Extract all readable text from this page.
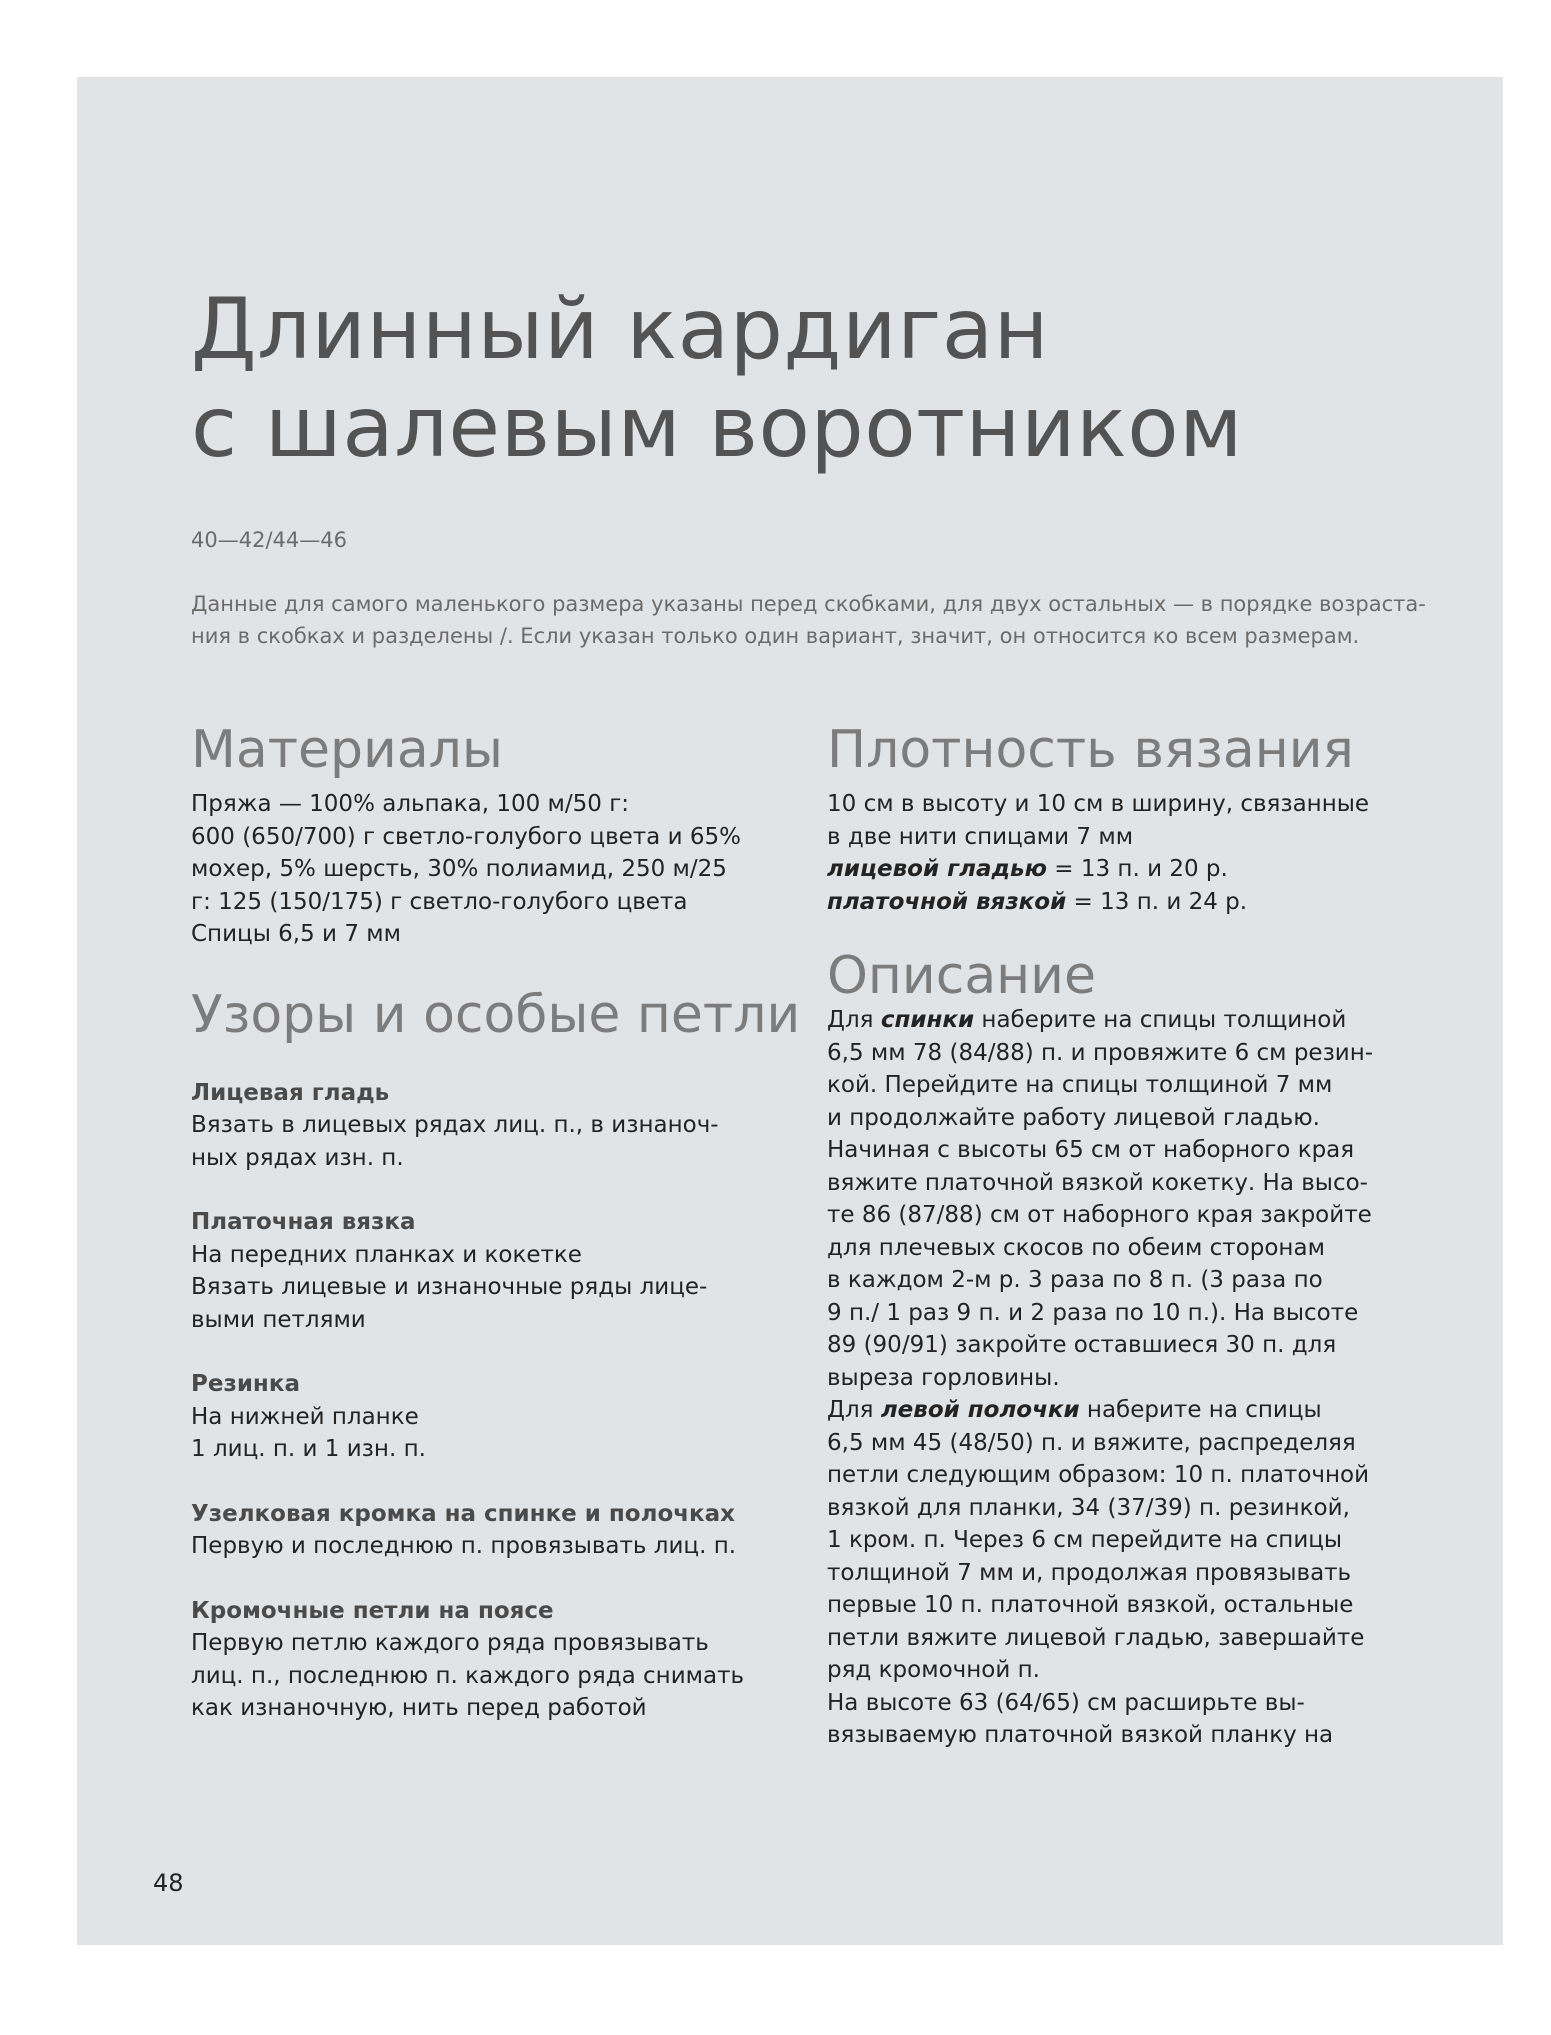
Длинный кардиган
с шалевым воротником
40—42/44—46

Данные для самого маленького размера указаны перед скобками, для двух остальных — в порядке возраста-
ния в скобках и разделены /. Если указан только один вариант, значит, он относится ко всем размерам.

Материалы
Пряжа — 100% альпака, 100 м/50 г:
600 (650/700) г светло-голубого цвета и 65%
мохер, 5% шерсть, 30% полиамид, 250 м/25
г: 125 (150/175) г светло-голубого цвета
Спицы 6,5 и 7 мм
Узоры и особые петли
Лицевая гладь
Вязать в лицевых рядах лиц. п., в изнаноч-
ных рядах изн. п.
Платочная вязка
На передних планках и кокетке
Вязать лицевые и изнаночные ряды лице-
выми петлями
Резинка
На нижней планке
1 лиц. п. и 1 изн. п.
Узелковая кромка на спинке и полочках
Первую и последнюю п. провязывать лиц. п.
Кромочные петли на поясе
Первую петлю каждого ряда провязывать
лиц. п., последнюю п. каждого ряда снимать
как изнаночную, нить перед работой
Плотность вязания
10 см в высоту и 10 см в ширину, связанные
в две нити спицами 7 мм
лицевой гладью = 13 п. и 20 р.
платочной вязкой = 13 п. и 24 р.
Описание
Для спинки наберите на спицы толщиной
6,5 мм 78 (84/88) п. и провяжите 6 см резин-
кой. Перейдите на спицы толщиной 7 мм
и продолжайте работу лицевой гладью.
Начиная с высоты 65 см от наборного края
вяжите платочной вязкой кокетку. На высо-
те 86 (87/88) см от наборного края закройте
для плечевых скосов по обеим сторонам
в каждом 2-м р. 3 раза по 8 п. (3 раза по
9 п./ 1 раз 9 п. и 2 раза по 10 п.). На высоте
89 (90/91) закройте оставшиеся 30 п. для
выреза горловины.
Для левой полочки наберите на спицы
6,5 мм 45 (48/50) п. и вяжите, распределяя
петли следующим образом: 10 п. платочной
вязкой для планки, 34 (37/39) п. резинкой,
1 кром. п. Через 6 см перейдите на спицы
толщиной 7 мм и, продолжая провязывать
первые 10 п. платочной вязкой, остальные
петли вяжите лицевой гладью, завершайте
ряд кромочной п.
На высоте 63 (64/65) см расширьте вы-
вязываемую платочной вязкой планку на
48
